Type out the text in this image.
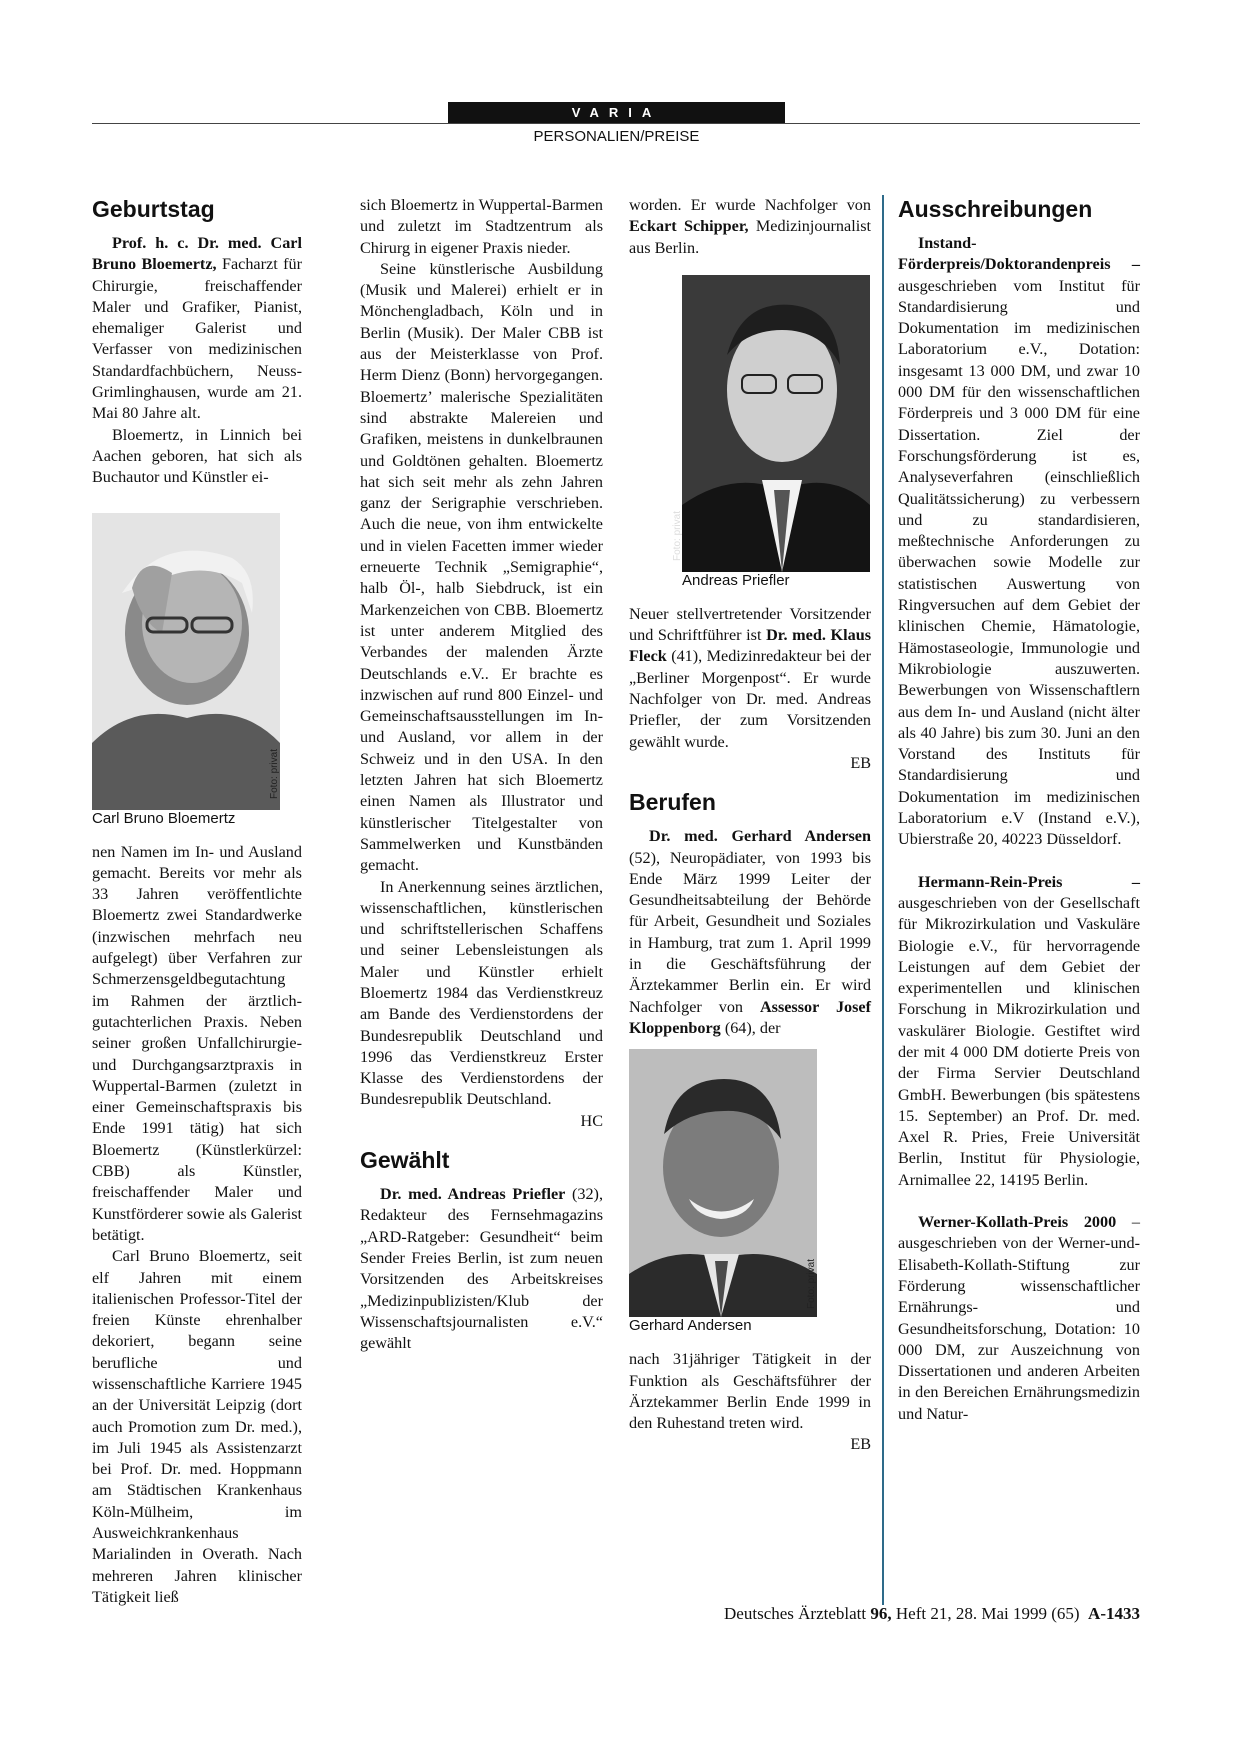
VARIA
PERSONALIEN/PREISE
Geburtstag

Prof. h. c. Dr. med. Carl Bruno Bloemertz, Facharzt für Chirurgie, freischaffender Maler und Grafiker, Pianist, ehemaliger Galerist und Verfasser von medizinischen Standardfachbüchern, Neuss-Grimlinghausen, wurde am 21. Mai 80 Jahre alt.

Bloemertz, in Linnich bei Aachen geboren, hat sich als Buchautor und Künstler ei-

Foto: privat

Carl Bruno Bloemertz

nen Namen im In- und Ausland gemacht. Bereits vor mehr als 33 Jahren veröffentlichte Bloemertz zwei Standardwerke (inzwischen mehrfach neu aufgelegt) über Verfahren zur Schmerzensgeldbegutachtung im Rahmen der ärztlich-gutachterlichen Praxis. Neben seiner großen Unfallchirurgie- und Durchgangsarztpraxis in Wuppertal-Barmen (zuletzt in einer Gemeinschaftspraxis bis Ende 1991 tätig) hat sich Bloemertz (Künstlerkürzel: CBB) als Künstler, freischaffender Maler und Kunstförderer sowie als Galerist betätigt.

Carl Bruno Bloemertz, seit elf Jahren mit einem italienischen Professor-Titel der freien Künste ehrenhalber dekoriert, begann seine berufliche und wissenschaftliche Karriere 1945 an der Universität Leipzig (dort auch Promotion zum Dr. med.), im Juli 1945 als Assistenzarzt bei Prof. Dr. med. Hoppmann am Städtischen Krankenhaus Köln-Mülheim, im Ausweichkrankenhaus Marialinden in Overath. Nach mehreren Jahren klinischer Tätigkeit ließ

sich Bloemertz in Wuppertal-Barmen und zuletzt im Stadtzentrum als Chirurg in eigener Praxis nieder.

Seine künstlerische Ausbildung (Musik und Malerei) erhielt er in Mönchengladbach, Köln und in Berlin (Musik). Der Maler CBB ist aus der Meisterklasse von Prof. Herm Dienz (Bonn) hervorgegangen. Bloemertz’ malerische Spezialitäten sind abstrakte Malereien und Grafiken, meistens in dunkelbraunen und Goldtönen gehalten. Bloemertz hat sich seit mehr als zehn Jahren ganz der Serigraphie verschrieben. Auch die neue, von ihm entwickelte und in vielen Facetten immer wieder erneuerte Technik „Semigraphie“, halb Öl-, halb Siebdruck, ist ein Markenzeichen von CBB. Bloemertz ist unter anderem Mitglied des Verbandes der malenden Ärzte Deutschlands e.V.. Er brachte es inzwischen auf rund 800 Einzel- und Gemeinschaftsausstellungen im In- und Ausland, vor allem in der Schweiz und in den USA. In den letzten Jahren hat sich Bloemertz einen Namen als Illustrator und künstlerischer Titelgestalter von Sammelwerken und Kunstbänden gemacht.

In Anerkennung seines ärztlichen, wissenschaftlichen, künstlerischen und schriftstellerischen Schaffens und seiner Lebensleistungen als Maler und Künstler erhielt Bloemertz 1984 das Verdienstkreuz am Bande des Verdienstordens der Bundesrepublik Deutschland und 1996 das Verdienstkreuz Erster Klasse des Verdienstordens der Bundesrepublik Deutschland.
HC

Gewählt

Dr. med. Andreas Priefler (32), Redakteur des Fernsehmagazins „ARD-Ratgeber: Gesundheit“ beim Sender Freies Berlin, ist zum neuen Vorsitzenden des Arbeitskreises „Medizinpublizisten/Klub der Wissenschaftsjournalisten e.V.“ gewählt

worden. Er wurde Nachfolger von Eckart Schipper, Medizinjournalist aus Berlin.

Foto: privat

Andreas Priefler

Neuer stellvertretender Vorsitzender und Schriftführer ist Dr. med. Klaus Fleck (41), Medizinredakteur bei der „Berliner Morgenpost“. Er wurde Nachfolger von Dr. med. Andreas Priefler, der zum Vorsitzenden gewählt wurde.
EB

Berufen

Dr. med. Gerhard Andersen (52), Neuropädiater, von 1993 bis Ende März 1999 Leiter der Gesundheitsabteilung der Behörde für Arbeit, Gesundheit und Soziales in Hamburg, trat zum 1. April 1999 in die Geschäftsführung der Ärztekammer Berlin ein. Er wird Nachfolger von Assessor Josef Kloppenborg (64), der

Foto: privat

Gerhard Andersen

nach 31jähriger Tätigkeit in der Funktion als Geschäftsführer der Ärztekammer Berlin Ende 1999 in den Ruhestand treten wird.
EB

Ausschreibungen

Instand-Förderpreis/Doktorandenpreis – ausgeschrieben vom Institut für Standardisierung und Dokumentation im medizinischen Laboratorium e.V., Dotation: insgesamt 13 000 DM, und zwar 10 000 DM für den wissenschaftlichen Förderpreis und 3 000 DM für eine Dissertation. Ziel der Forschungsförderung ist es, Analyseverfahren (einschließlich Qualitätssicherung) zu verbessern und zu standardisieren, meßtechnische Anforderungen zu überwachen sowie Modelle zur statistischen Auswertung von Ringversuchen auf dem Gebiet der klinischen Chemie, Hämatologie, Hämostaseologie, Immunologie und Mikrobiologie auszuwerten. Bewerbungen von Wissenschaftlern aus dem In- und Ausland (nicht älter als 40 Jahre) bis zum 30. Juni an den Vorstand des Instituts für Standardisierung und Dokumentation im medizinischen Laboratorium e.V (Instand e.V.), Ubierstraße 20, 40223 Düsseldorf.

Hermann-Rein-Preis – ausgeschrieben von der Gesellschaft für Mikrozirkulation und Vaskuläre Biologie e.V., für hervorragende Leistungen auf dem Gebiet der experimentellen und klinischen Forschung in Mikrozirkulation und vaskulärer Biologie. Gestiftet wird der mit 4 000 DM dotierte Preis von der Firma Servier Deutschland GmbH. Bewerbungen (bis spätestens 15. September) an Prof. Dr. med. Axel R. Pries, Freie Universität Berlin, Institut für Physiologie, Arnimallee 22, 14195 Berlin.

Werner-Kollath-Preis 2000 – ausgeschrieben von der Werner-und-Elisabeth-Kollath-Stiftung zur Förderung wissenschaftlicher Ernährungs- und Gesundheitsforschung, Dotation: 10 000 DM, zur Auszeichnung von Dissertationen und anderen Arbeiten in den Bereichen Ernährungsmedizin und Natur-

Deutsches Ärzteblatt 96, Heft 21, 28. Mai 1999 (65) A-1433
